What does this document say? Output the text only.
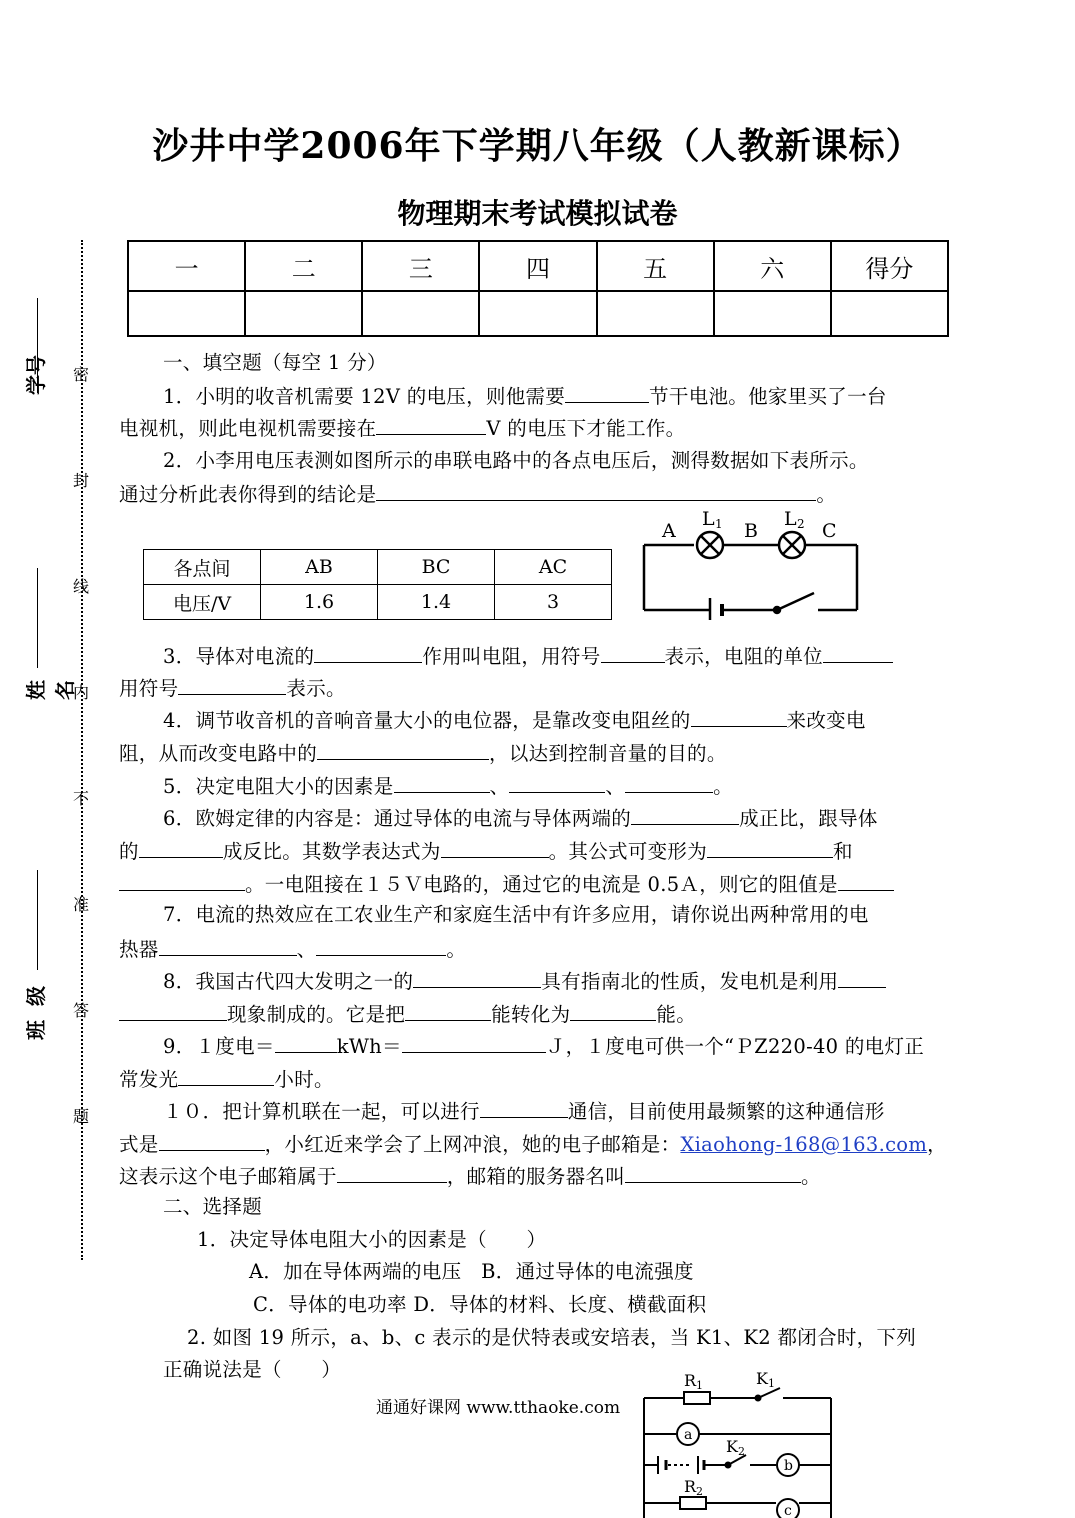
沙井中学2006年下学期八年级（人教新课标）
物理期末考试模拟试卷
一	二	三	四	五	六	得分

密
封
线
内
不
准
答
题
学号
姓名
班级
一、填空题（每空 1 分）
1．小明的收音机需要 12V 的电压，则他需要	节干电池。他家里买了一台
电视机，则此电视机需要接在	V 的电压下才能工作。
2．小李用电压表测如图所示的串联电路中的各点电压后，测得数据如下表所示。
通过分析此表你得到的结论是	。
各点间	AB	BC	AC
电压/V	1.6	1.4	3
A
L 1 B
L 2 C
3．导体对电流的	作用叫电阻，用符号	表示，电阻的单位
用符号	表示。
4．调节收音机的音响音量大小的电位器，是靠改变电阻丝的	来改变电
阻，从而改变电路中的	，以达到控制音量的目的。
5．决定电阻大小的因素是	、	、	。
6．欧姆定律的内容是：通过导体的电流与导体两端的	成正比，跟导体
的	成反比。其数学表达式为	。其公式可变形为	和
。一电阻接在１５Ｖ电路的，通过它的电流是 0.5Ａ，则它的阻值是
7．电流的热效应在工农业生产和家庭生活中有许多应用，请你说出两种常用的电
热器	、	。
8．我国古代四大发明之一的	具有指南北的性质，发电机是利用
现象制成的。它是把	能转化为	能。
9．１度电＝	kWh＝	Ｊ，１度电可供一个“ＰZ220-40 的电灯正
常发光	小时。
１０．把计算机联在一起，可以进行	通信，目前使用最频繁的这种通信形
式是	，小红近来学会了上网冲浪，她的电子邮箱是：Xiaohong-168@163.com，
这表示这个电子邮箱属于	，邮箱的服务器名叫	。
二、选择题
1．决定导体电阻大小的因素是（　　）
A．加在导体两端的电压　B．通过导体的电流强度
C．导体的电功率 D．导体的材料、长度、横截面积
2. 如图 19 所示，a、b、c 表示的是伏特表或安培表，当 K1、K2 都闭合时，下列
正确说法是（　　）
通通好课网 www.tthaoke.com
R 1	K 1
K 2
R 2
a
b
c
